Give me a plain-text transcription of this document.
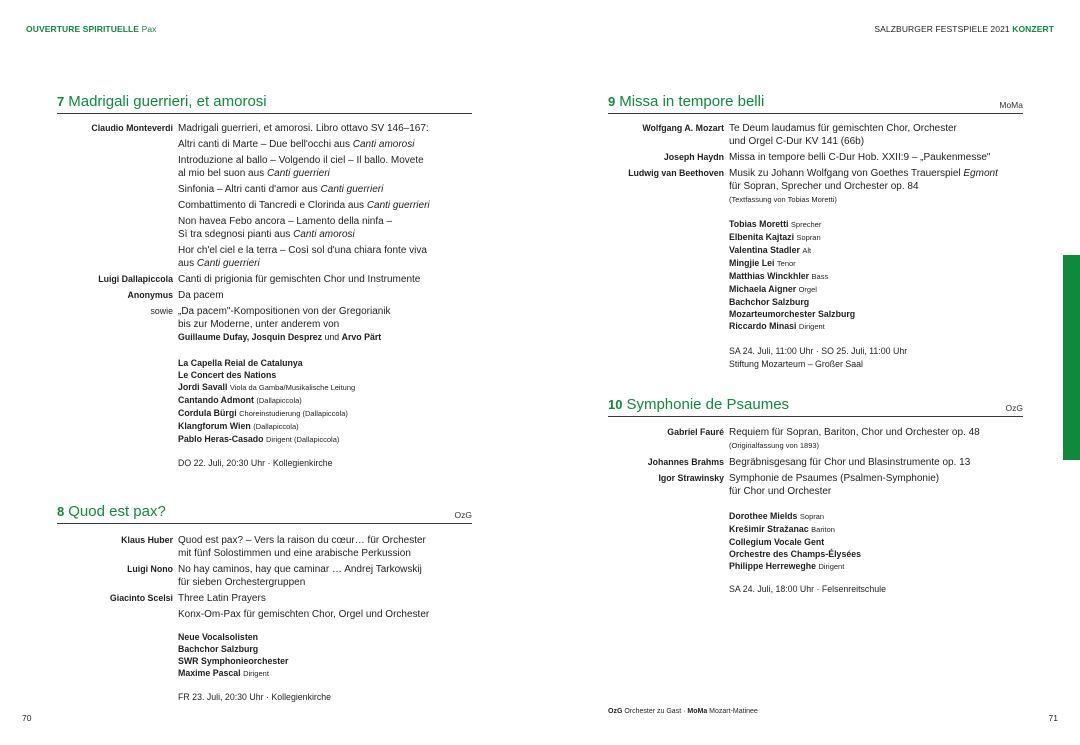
OUVERTURE SPIRITUELLE Pax	SALZBURGER FESTSPIELE 2021 KONZERT
7 Madrigali guerrieri, et amorosi
Claudio Monteverdi Madrigali guerrieri, et amorosi. Libro ottavo SV 146–167:
Altri canti di Marte – Due bell'occhi aus Canti amorosi
Introduzione al ballo – Volgendo il ciel – Il ballo. Movete
al mio bel suon aus Canti guerrieri
Sinfonia – Altri canti d'amor aus Canti guerrieri
Combattimento di Tancredi e Clorinda aus Canti guerrieri
Non havea Febo ancora – Lamento della ninfa –
Sì tra sdegnosi pianti aus Canti amorosi
Hor ch'el ciel e la terra – Così sol d'una chiara fonte viva
aus Canti guerrieri
Luigi Dallapiccola Canti di prigionia für gemischten Chor und Instrumente
Anonymus Da pacem
sowie „Da pacem"-Kompositionen von der Gregorianik
bis zur Moderne, unter anderem von
Guillaume Dufay, Josquin Desprez und Arvo Pärt
La Capella Reial de Catalunya
Le Concert des Nations
Jordi Savall Viola da Gamba/Musikalische Leitung
Cantando Admont (Dallapiccola)
Cordula Bürgi Choreinstudierung (Dallapiccola)
Klangforum Wien (Dallapiccola)
Pablo Heras-Casado Dirigent (Dallapiccola)
DO 22. Juli, 20:30 Uhr · Kollegienkirche
8 Quod est pax?	OzG
Klaus Huber Quod est pax? – Vers la raison du cœur… für Orchester
mit fünf Solostimmen und eine arabische Perkussion
Luigi Nono No hay caminos, hay que caminar … Andrej Tarkowskij
für sieben Orchestergruppen
Giacinto Scelsi Three Latin Prayers
Konx-Om-Pax für gemischten Chor, Orgel und Orchester
Neue Vocalsolisten
Bachchor Salzburg
SWR Symphonieorchester
Maxime Pascal Dirigent
FR 23. Juli, 20:30 Uhr · Kollegienkirche
9 Missa in tempore belli	MoMa
Wolfgang A. Mozart Te Deum laudamus für gemischten Chor, Orchester
und Orgel C-Dur KV 141 (66b)
Joseph Haydn Missa in tempore belli C-Dur Hob. XXII:9 – „Paukenmesse"
Ludwig van Beethoven Musik zu Johann Wolfgang von Goethes Trauerspiel Egmont
für Sopran, Sprecher und Orchester op. 84
(Textfassung von Tobias Moretti)
Tobias Moretti Sprecher
Elbenita Kajtazi Sopran
Valentina Stadler Alt
Mingjie Lei Tenor
Matthias Winckhler Bass
Michaela Aigner Orgel
Bachchor Salzburg
Mozarteumorchester Salzburg
Riccardo Minasi Dirigent
SA 24. Juli, 11:00 Uhr · SO 25. Juli, 11:00 Uhr
Stiftung Mozarteum – Großer Saal
10 Symphonie de Psaumes	OzG
Gabriel Fauré Requiem für Sopran, Bariton, Chor und Orchester op. 48
(Originalfassung von 1893)
Johannes Brahms Begräbnisgesang für Chor und Blasinstrumente op. 13
Igor Strawinsky Symphonie de Psaumes (Psalmen-Symphonie)
für Chor und Orchester
Dorothee Mields Sopran
Krešimir Stražanac Bariton
Collegium Vocale Gent
Orchestre des Champs-Élysées
Philippe Herreweghe Dirigent
SA 24. Juli, 18:00 Uhr · Felsenreitschule
OzG Orchester zu Gast · MoMa Mozart-Matinee
70	71
